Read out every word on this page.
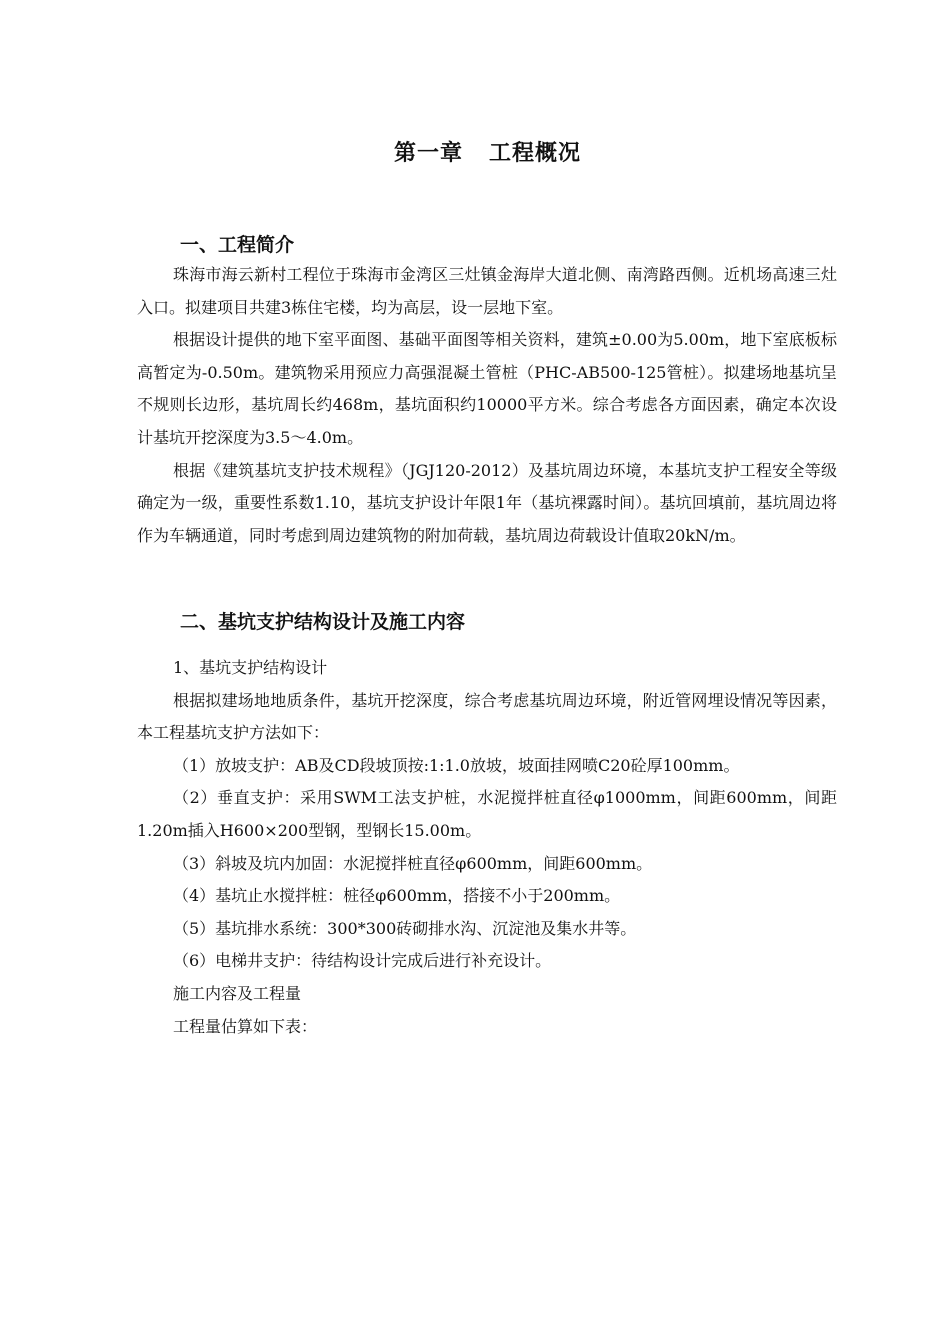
第一章 工程概况
一、工程简介

珠海市海云新村工程位于珠海市金湾区三灶镇金海岸大道北侧、南湾路西侧。近机场高速三灶入口。拟建项目共建3栋住宅楼，均为高层，设一层地下室。

根据设计提供的地下室平面图、基础平面图等相关资料，建筑±0.00为5.00m，地下室底板标高暂定为-0.50m。建筑物采用预应力高强混凝土管桩（PHC-AB500-125管桩）。拟建场地基坑呈不规则长边形，基坑周长约468m，基坑面积约10000平方米。综合考虑各方面因素，确定本次设计基坑开挖深度为3.5～4.0m。

根据《建筑基坑支护技术规程》（JGJ120-2012）及基坑周边环境，本基坑支护工程安全等级确定为一级，重要性系数1.10，基坑支护设计年限1年（基坑裸露时间）。基坑回填前，基坑周边将作为车辆通道，同时考虑到周边建筑物的附加荷载，基坑周边荷载设计值取20kN/m。

二、基坑支护结构设计及施工内容

1、基坑支护结构设计

根据拟建场地地质条件，基坑开挖深度，综合考虑基坑周边环境，附近管网埋设情况等因素，本工程基坑支护方法如下：

（1）放坡支护：AB及CD段坡顶按:1:1.0放坡，坡面挂网喷C20砼厚100mm。

（2）垂直支护：采用SWM工法支护桩，水泥搅拌桩直径φ1000mm，间距600mm，间距1.20m插入H600×200型钢，型钢长15.00m。

（3）斜坡及坑内加固：水泥搅拌桩直径φ600mm，间距600mm。

（4）基坑止水搅拌桩：桩径φ600mm，搭接不小于200mm。

（5）基坑排水系统：300*300砖砌排水沟、沉淀池及集水井等。

（6）电梯井支护：待结构设计完成后进行补充设计。

施工内容及工程量

工程量估算如下表：
